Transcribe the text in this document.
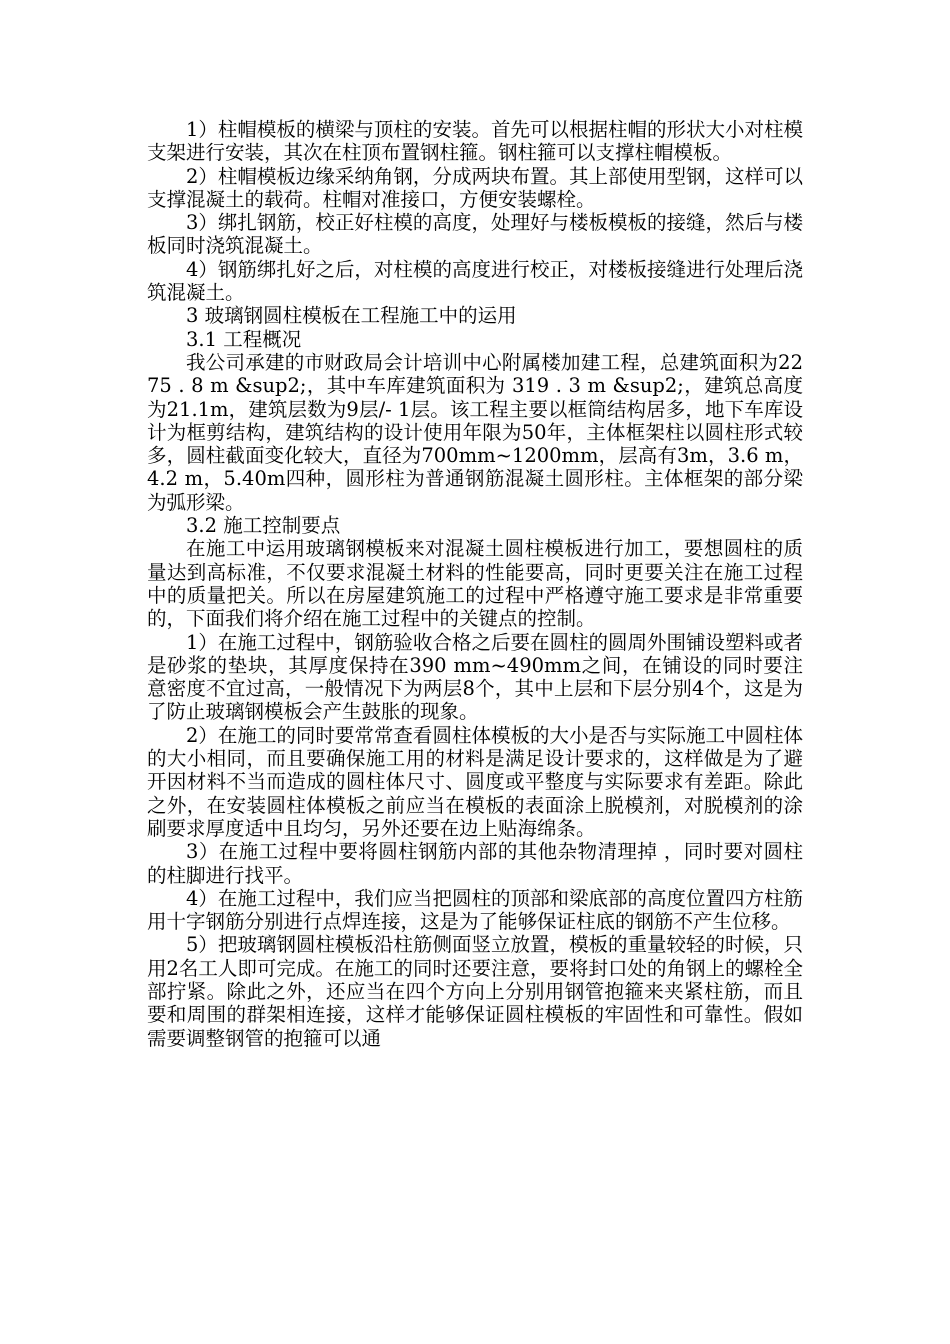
1）柱帽模板的横梁与顶柱的安装。首先可以根据柱帽的形状大小对柱模支架进行安装，其次在柱顶布置钢柱箍。钢柱箍可以支撑柱帽模板。

2）柱帽模板边缘采纳角钢，分成两块布置。其上部使用型钢，这样可以支撑混凝土的载荷。柱帽对准接口，方便安装螺栓。

3）绑扎钢筋，校正好柱模的高度，处理好与楼板模板的接缝，然后与楼板同时浇筑混凝土。

4）钢筋绑扎好之后，对柱模的高度进行校正，对楼板接缝进行处理后浇筑混凝土。

3 玻璃钢圆柱模板在工程施工中的运用

3.1 工程概况

我公司承建的市财政局会计培训中心附属楼加建工程，总建筑面积为2275 . 8 m &sup2;，其中车库建筑面积为 319 . 3 m &sup2;，建筑总高度为21.1m，建筑层数为9层/- 1层。该工程主要以框筒结构居多，地下车库设计为框剪结构，建筑结构的设计使用年限为50年，主体框架柱以圆柱形式较多，圆柱截面变化较大，直径为700mm~1200mm，层高有3m，3.6 m，4.2 m，5.40m四种，圆形柱为普通钢筋混凝土圆形柱。主体框架的部分梁为弧形梁。

3.2 施工控制要点

在施工中运用玻璃钢模板来对混凝土圆柱模板进行加工，要想圆柱的质量达到高标准，不仅要求混凝土材料的性能要高，同时更要关注在施工过程中的质量把关。所以在房屋建筑施工的过程中严格遵守施工要求是非常重要的，下面我们将介绍在施工过程中的关键点的控制。

1）在施工过程中，钢筋验收合格之后要在圆柱的圆周外围铺设塑料或者是砂浆的垫块，其厚度保持在390 mm~490mm之间，在铺设的同时要注意密度不宜过高，一般情况下为两层8个，其中上层和下层分别4个，这是为了防止玻璃钢模板会产生鼓胀的现象。

2）在施工的同时要常常查看圆柱体模板的大小是否与实际施工中圆柱体的大小相同，而且要确保施工用的材料是满足设计要求的，这样做是为了避开因材料不当而造成的圆柱体尺寸、圆度或平整度与实际要求有差距。除此之外，在安装圆柱体模板之前应当在模板的表面涂上脱模剂，对脱模剂的涂刷要求厚度适中且均匀，另外还要在边上贴海绵条。

3）在施工过程中要将圆柱钢筋内部的其他杂物清理掉 ，同时要对圆柱的柱脚进行找平。

4）在施工过程中，我们应当把圆柱的顶部和梁底部的高度位置四方柱筋用十字钢筋分别进行点焊连接，这是为了能够保证柱底的钢筋不产生位移。

5）把玻璃钢圆柱模板沿柱筋侧面竖立放置，模板的重量较轻的时候，只用2名工人即可完成。在施工的同时还要注意，要将封口处的角钢上的螺栓全部拧紧。除此之外，还应当在四个方向上分别用钢管抱箍来夹紧柱筋，而且要和周围的群架相连接，这样才能够保证圆柱模板的牢固性和可靠性。假如需要调整钢管的抱箍可以通
